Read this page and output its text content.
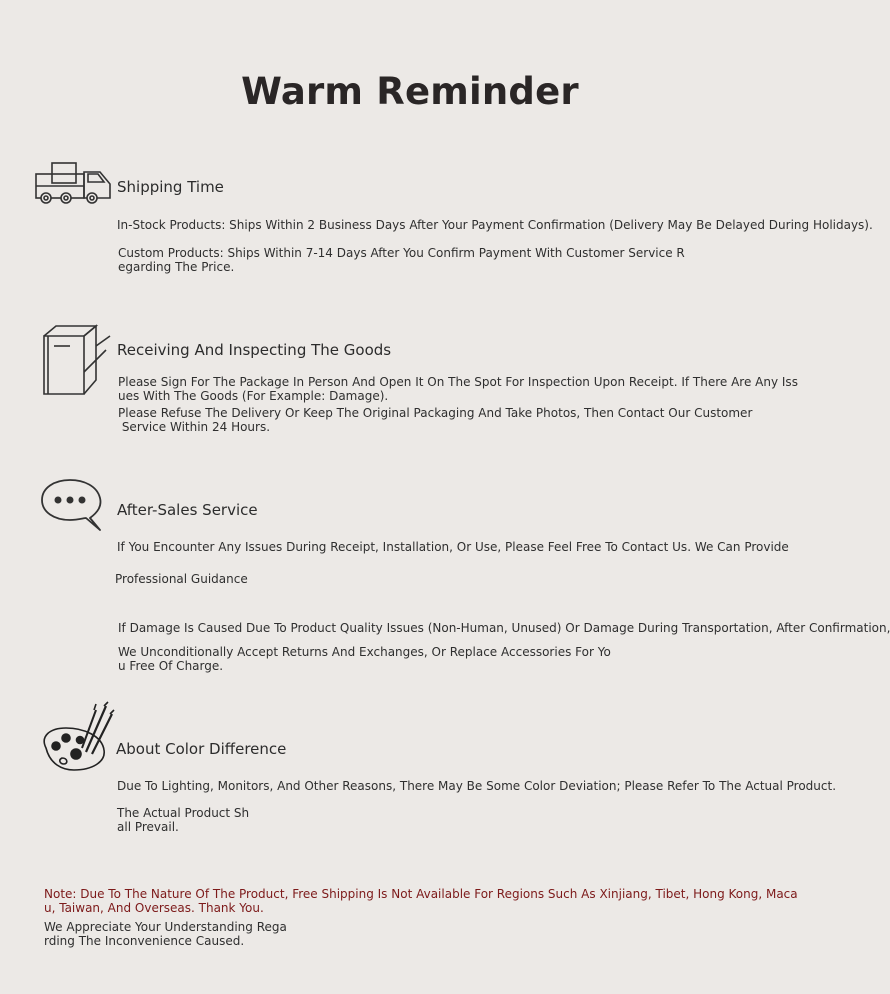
Warm Reminder
Shipping Time
In-Stock Products: Ships Within 2 Business Days After Your Payment Confirmation (Delivery May Be Delayed During Holidays).
Custom Products: Ships Within 7-14 Days After You Confirm Payment With Customer Service R
egarding The Price.
Receiving And Inspecting The Goods
Please Sign For The Package In Person And Open It On The Spot For Inspection Upon Receipt. If There Are Any Iss
ues With The Goods (For Example: Damage).
Please Refuse The Delivery Or Keep The Original Packaging And Take Photos, Then Contact Our Customer
Service Within 24 Hours.
After-Sales Service
If You Encounter Any Issues During Receipt, Installation, Or Use, Please Feel Free To Contact Us. We Can Provide
Professional Guidance
If Damage Is Caused Due To Product Quality Issues (Non-Human, Unused) Or Damage During Transportation, After Confirmation,
We Unconditionally Accept Returns And Exchanges, Or Replace Accessories For Yo
u Free Of Charge.
About Color Difference
Due To Lighting, Monitors, And Other Reasons, There May Be Some Color Deviation; Please Refer To The Actual Product.
The Actual Product Sh
all Prevail.
Note: Due To The Nature Of The Product, Free Shipping Is Not Available For Regions Such As Xinjiang, Tibet, Hong Kong, Maca
u, Taiwan, And Overseas. Thank You.
We Appreciate Your Understanding Rega
rding The Inconvenience Caused.
